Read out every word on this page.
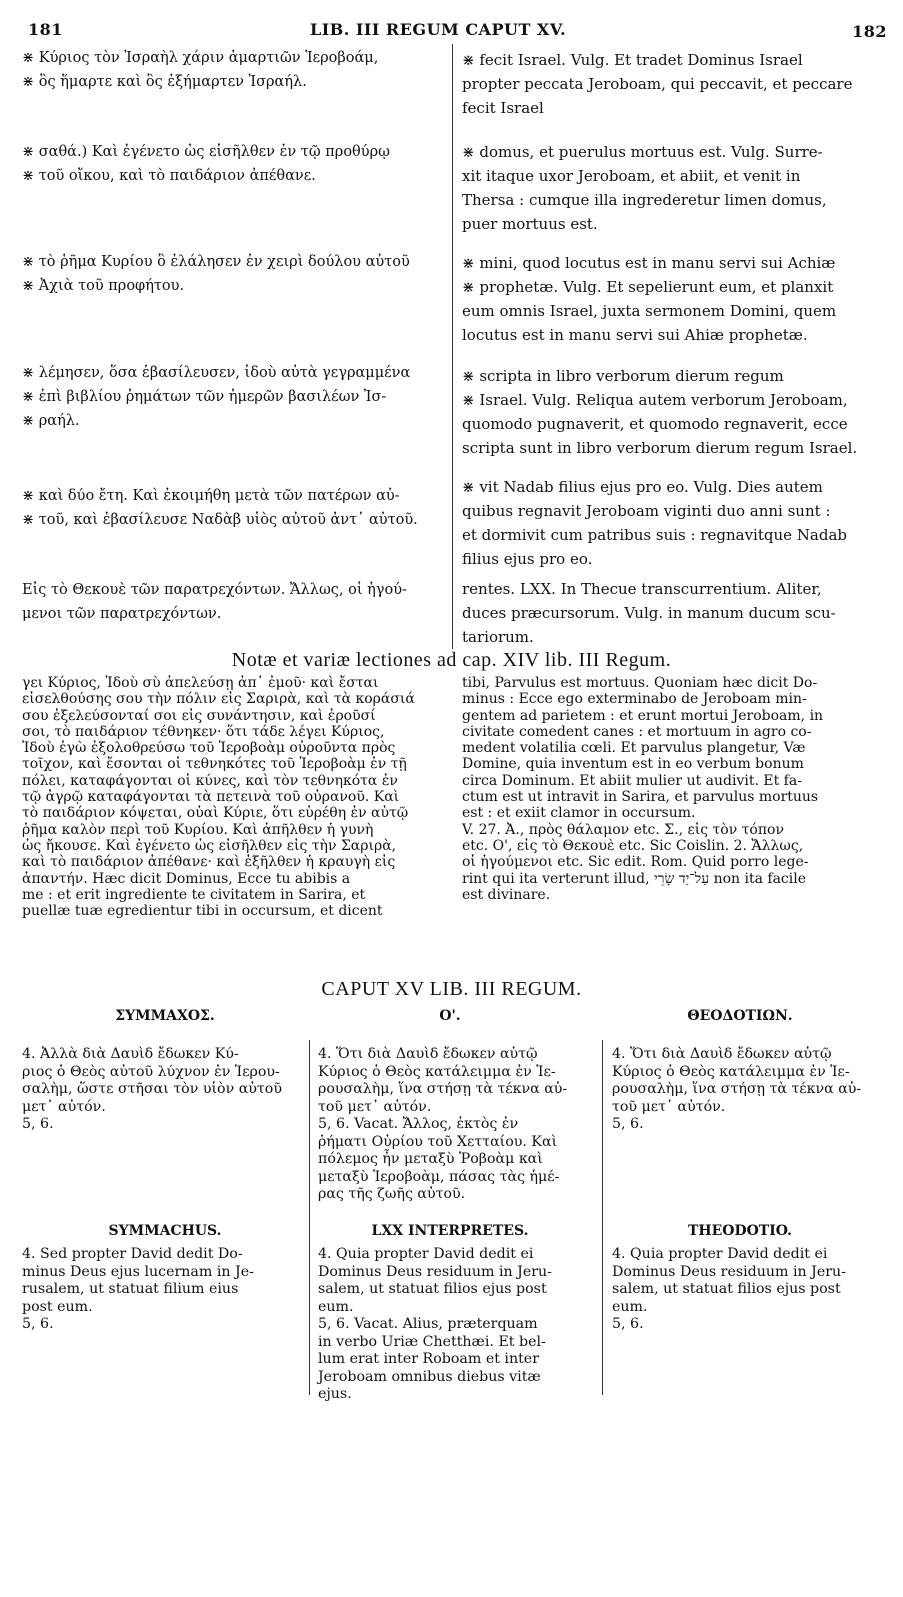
181	LIB. III REGUM CAPUT XV.	182
⋇ Κύριος τὸν Ἰσραὴλ χάριν ἁμαρτιῶν Ἱεροβοάμ,
⋇ ὃς ἥμαρτε καὶ ὃς ἐξήμαρτεν Ἰσραήλ.
⋇ fecit Israel. Vulg. Et tradet Dominus Israel
propter peccata Jeroboam, qui peccavit, et peccare
fecit Israel
⋇ σαθά.) Καὶ ἐγένετο ὡς εἰσῆλθεν ἐν τῷ προθύρῳ
⋇ τοῦ οἴκου, καὶ τὸ παιδάριον ἀπέθανε.
⋇ domus, et puerulus mortuus est. Vulg. Surre-
xit itaque uxor Jeroboam, et abiit, et venit in
Thersa : cumque illa ingrederetur limen domus,
puer mortuus est.
⋇ τὸ ῥῆμα Κυρίου ὃ ἐλάλησεν ἐν χειρὶ δούλου αὐτοῦ
⋇ Ἀχιὰ τοῦ προφήτου.
⋇ mini, quod locutus est in manu servi sui Achiæ
⋇ prophetæ. Vulg. Et sepelierunt eum, et planxit
eum omnis Israel, juxta sermonem Domini, quem
locutus est in manu servi sui Ahiæ prophetæ.
⋇ λέμησεν, ὅσα ἐβασίλευσεν, ἰδοὺ αὐτὰ γεγραμμένα
⋇ ἐπὶ βιβλίου ῥημάτων τῶν ἡμερῶν βασιλέων Ἰσ-
⋇ ραήλ.
⋇ scripta in libro verborum dierum regum
⋇ Israel. Vulg. Reliqua autem verborum Jeroboam,
quomodo pugnaverit, et quomodo regnaverit, ecce
scripta sunt in libro verborum dierum regum Israel.
⋇ καὶ δύο ἔτη. Καὶ ἐκοιμήθη μετὰ τῶν πατέρων αὐ-
⋇ τοῦ, καὶ ἐβασίλευσε Ναδὰβ υἱὸς αὐτοῦ ἀντ᾽ αὐτοῦ.
⋇ vit Nadab filius ejus pro eo. Vulg. Dies autem
quibus regnavit Jeroboam viginti duo anni sunt :
et dormivit cum patribus suis : regnavitque Nadab
filius ejus pro eo.
Εἰς τὸ Θεκουὲ τῶν παρατρεχόντων. Ἄλλως, οἱ ἡγού-
μενοι τῶν παρατρεχόντων.
rentes. LXX. In Thecue transcurrentium. Aliter,
duces præcursorum. Vulg. in manum ducum scu-
tariorum.
Notæ et variæ lectiones ad cap. XIV lib. III Regum.
γει Κύριος, Ἰδοὺ σὺ ἀπελεύσῃ ἀπ᾽ ἐμοῦ· καὶ ἔσται
εἰσελθούσης σου τὴν πόλιν εἰς Σαριρὰ, καὶ τὰ κοράσιά
σου ἐξελεύσονταί σοι εἰς συνάντησιν, καὶ ἐροῦσί
σοι, τὸ παιδάριον τέθνηκεν· ὅτι τάδε λέγει Κύριος,
Ἰδοὺ ἐγὼ ἐξολοθρεύσω τοῦ Ἱεροβοὰμ οὐροῦντα πρὸς
τοῖχον, καὶ ἔσονται οἱ τεθνηκότες τοῦ Ἱεροβοὰμ ἐν τῇ
πόλει, καταφάγονται οἱ κύνες, καὶ τὸν τεθνηκότα ἐν
τῷ ἀγρῷ καταφάγονται τὰ πετεινὰ τοῦ οὐρανοῦ. Καὶ
τὸ παιδάριον κόψεται, οὐαὶ Κύριε, ὅτι εὑρέθη ἐν αὐτῷ
ῥῆμα καλὸν περὶ τοῦ Κυρίου. Καὶ ἀπῆλθεν ἡ γυνὴ
ὡς ἤκουσε. Καὶ ἐγένετο ὡς εἰσῆλθεν εἰς τὴν Σαριρὰ,
καὶ τὸ παιδάριον ἀπέθανε· καὶ ἐξῆλθεν ἡ κραυγὴ εἰς
ἀπαντήν. Hæc dicit Dominus, Ecce tu abibis a
me : et erit ingrediente te civitatem in Sarira, et
puellæ tuæ egredientur tibi in occursum, et dicent
tibi, Parvulus est mortuus. Quoniam hæc dicit Do-
minus : Ecce ego exterminabo de Jeroboam min-
gentem ad parietem : et erunt mortui Jeroboam, in
civitate comedent canes : et mortuum in agro co-
medent volatilia cœli. Et parvulus plangetur, Væ
Domine, quia inventum est in eo verbum bonum
circa Dominum. Et abiit mulier ut audivit. Et fa-
ctum est ut intravit in Sarira, et parvulus mortuus
est : et exiit clamor in occursum.
V. 27. Ἀ., πρὸς θάλαμον etc. Σ., εἰς τὸν τόπον
etc. Ο', εἰς τὸ Θεκουὲ etc. Sic Coislin. 2. Ἄλλως,
οἱ ἡγούμενοι etc. Sic edit. Rom. Quid porro lege-
rint qui ita verterunt illud, עַל־יַד שָׂרֵי non ita facile
est divinare.
CAPUT XV LIB. III REGUM.
ΣΥΜΜΑΧΟΣ.	Ο'.	ΘΕΟΔΟΤΙΩΝ.
4. Ἀλλὰ διὰ Δαυὶδ ἔδωκεν Κύ-
ριος ὁ Θεὸς αὐτοῦ λύχνον ἐν Ἱερου-
σαλὴμ, ὥστε στῆσαι τὸν υἱὸν αὐτοῦ
μετ᾽ αὐτόν.
5, 6.
4. Ὅτι διὰ Δαυὶδ ἔδωκεν αὐτῷ
Κύριος ὁ Θεὸς κατάλειμμα ἐν Ἱε-
ρουσαλὴμ, ἵνα στήσῃ τὰ τέκνα αὐ-
τοῦ μετ᾽ αὐτόν.
5, 6. Vacat. Ἄλλος, ἐκτὸς ἐν
ῥήματι Οὐρίου τοῦ Χετταίου. Καὶ
πόλεμος ἦν μεταξὺ Ῥοβοὰμ καὶ
μεταξὺ Ἱεροβοὰμ, πάσας τὰς ἡμέ-
ρας τῆς ζωῆς αὐτοῦ.
4. Ὅτι διὰ Δαυὶδ ἔδωκεν αὐτῷ
Κύριος ὁ Θεὸς κατάλειμμα ἐν Ἱε-
ρουσαλὴμ, ἵνα στήσῃ τὰ τέκνα αὐ-
τοῦ μετ᾽ αὐτόν.
5, 6.
SYMMACHUS.	LXX INTERPRETES.	THEODOTIO.
4. Sed propter David dedit Do-
minus Deus ejus lucernam in Je-
rusalem, ut statuat filium eius
post eum.
5, 6.
4. Quia propter David dedit ei
Dominus Deus residuum in Jeru-
salem, ut statuat filios ejus post
eum.
5, 6. Vacat. Alius, præterquam
in verbo Uriæ Chetthæi. Et bel-
lum erat inter Roboam et inter
Jeroboam omnibus diebus vitæ
ejus.
4. Quia propter David dedit ei
Dominus Deus residuum in Jeru-
salem, ut statuat filios ejus post
eum.
5, 6.
